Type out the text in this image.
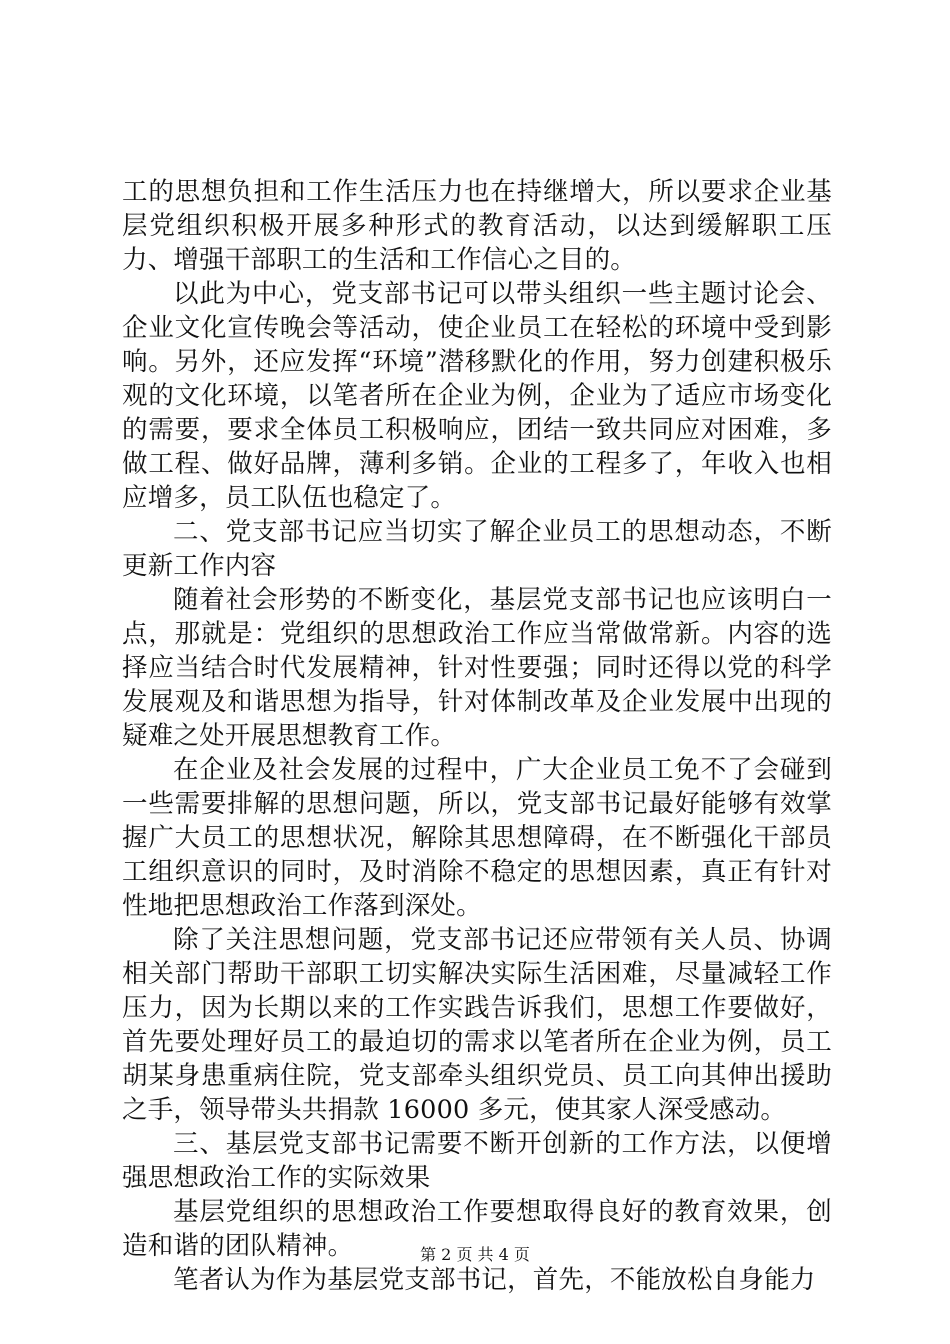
工的思想负担和工作生活压力也在持继增大，所以要求企业基层党组织积极开展多种形式的教育活动，以达到缓解职工压力、增强干部职工的生活和工作信心之目的。

以此为中心，党支部书记可以带头组织一些主题讨论会、企业文化宣传晚会等活动，使企业员工在轻松的环境中受到影响。另外，还应发挥“环境”潜移默化的作用，努力创建积极乐观的文化环境，以笔者所在企业为例，企业为了适应市场变化的需要，要求全体员工积极响应，团结一致共同应对困难，多做工程、做好品牌，薄利多销。企业的工程多了，年收入也相应增多，员工队伍也稳定了。

二、党支部书记应当切实了解企业员工的思想动态，不断更新工作内容

随着社会形势的不断变化，基层党支部书记也应该明白一点，那就是：党组织的思想政治工作应当常做常新。内容的选择应当结合时代发展精神，针对性要强；同时还得以党的科学发展观及和谐思想为指导，针对体制改革及企业发展中出现的疑难之处开展思想教育工作。

在企业及社会发展的过程中，广大企业员工免不了会碰到一些需要排解的思想问题，所以，党支部书记最好能够有效掌握广大员工的思想状况，解除其思想障碍，在不断强化干部员工组织意识的同时，及时消除不稳定的思想因素，真正有针对性地把思想政治工作落到深处。

除了关注思想问题，党支部书记还应带领有关人员、协调相关部门帮助干部职工切实解决实际生活困难，尽量减轻工作压力，因为长期以来的工作实践告诉我们，思想工作要做好，首先要处理好员工的最迫切的需求以笔者所在企业为例，员工胡某身患重病住院，党支部牵头组织党员、员工向其伸出援助之手，领导带头共捐款 16000 多元，使其家人深受感动。

三、基层党支部书记需要不断开创新的工作方法，以便增强思想政治工作的实际效果

基层党组织的思想政治工作要想取得良好的教育效果，创造和谐的团队精神。

笔者认为作为基层党支部书记，首先，不能放松自身能力

第 2 页 共 4 页
